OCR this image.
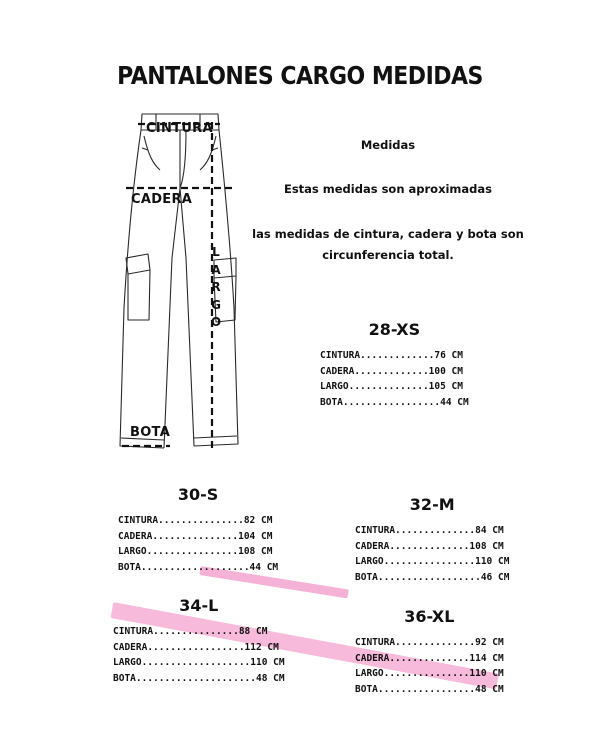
PANTALONES CARGO MEDIDAS
CINTURA
CADERA
L
A
R
G
O
BOTA
Medidas
Estas medidas son aproximadas
las medidas de cintura, cadera y bota son
circunferencia total.
28-XS
CINTURA.............76 CM
CADERA.............100 CM
LARGO..............105 CM
BOTA.................44 CM
30-S
CINTURA...............82 CM
CADERA...............104 CM
LARGO................108 CM
BOTA...................44 CM
32-M
CINTURA..............84 CM
CADERA..............108 CM
LARGO................110 CM
BOTA..................46 CM
34-L
CINTURA...............88 CM
CADERA.................112 CM
LARGO...................110 CM
BOTA.....................48 CM
36-XL
CINTURA..............92 CM
CADERA..............114 CM
LARGO...............110 CM
BOTA.................48 CM
